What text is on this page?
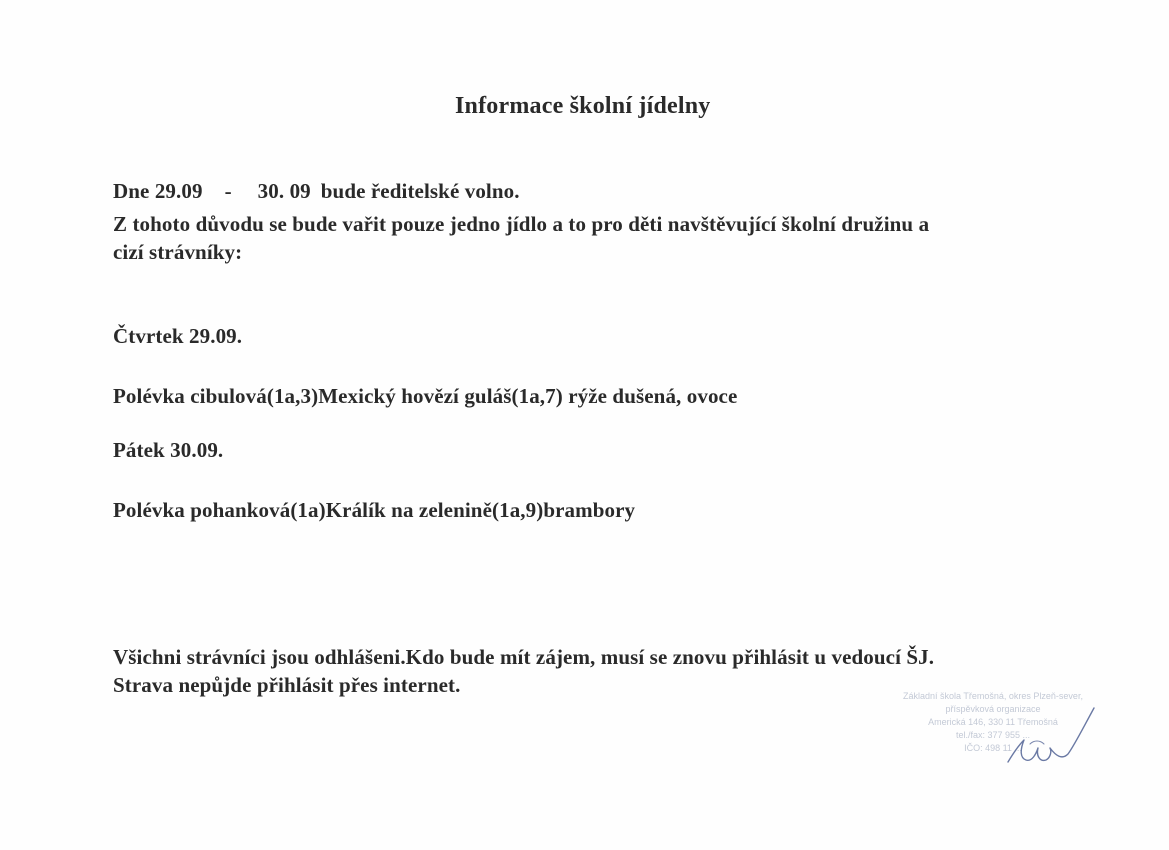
Informace školní jídelny
Dne 29.09 - 30. 09 bude ředitelské volno.
Z tohoto důvodu se bude vařit pouze jedno jídlo a to pro děti navštěvující školní družinu a
cizí strávníky:
Čtvrtek 29.09.
Polévka cibulová(1a,3)Mexický hovězí guláš(1a,7) rýže dušená, ovoce
Pátek 30.09.
Polévka pohanková(1a)Králík na zelenině(1a,9)brambory
Všichni strávníci jsou odhlášeni.Kdo bude mít zájem, musí se znovu přihlásit u vedoucí ŠJ.
Strava nepůjde přihlásit přes internet.	Základní škola Třemošná, okres Plzeň-sever,
příspěvková organizace
Americká 146, 330 11 Třemošná
tel./fax: 377 955 ...
IČO: 498 11 ...
